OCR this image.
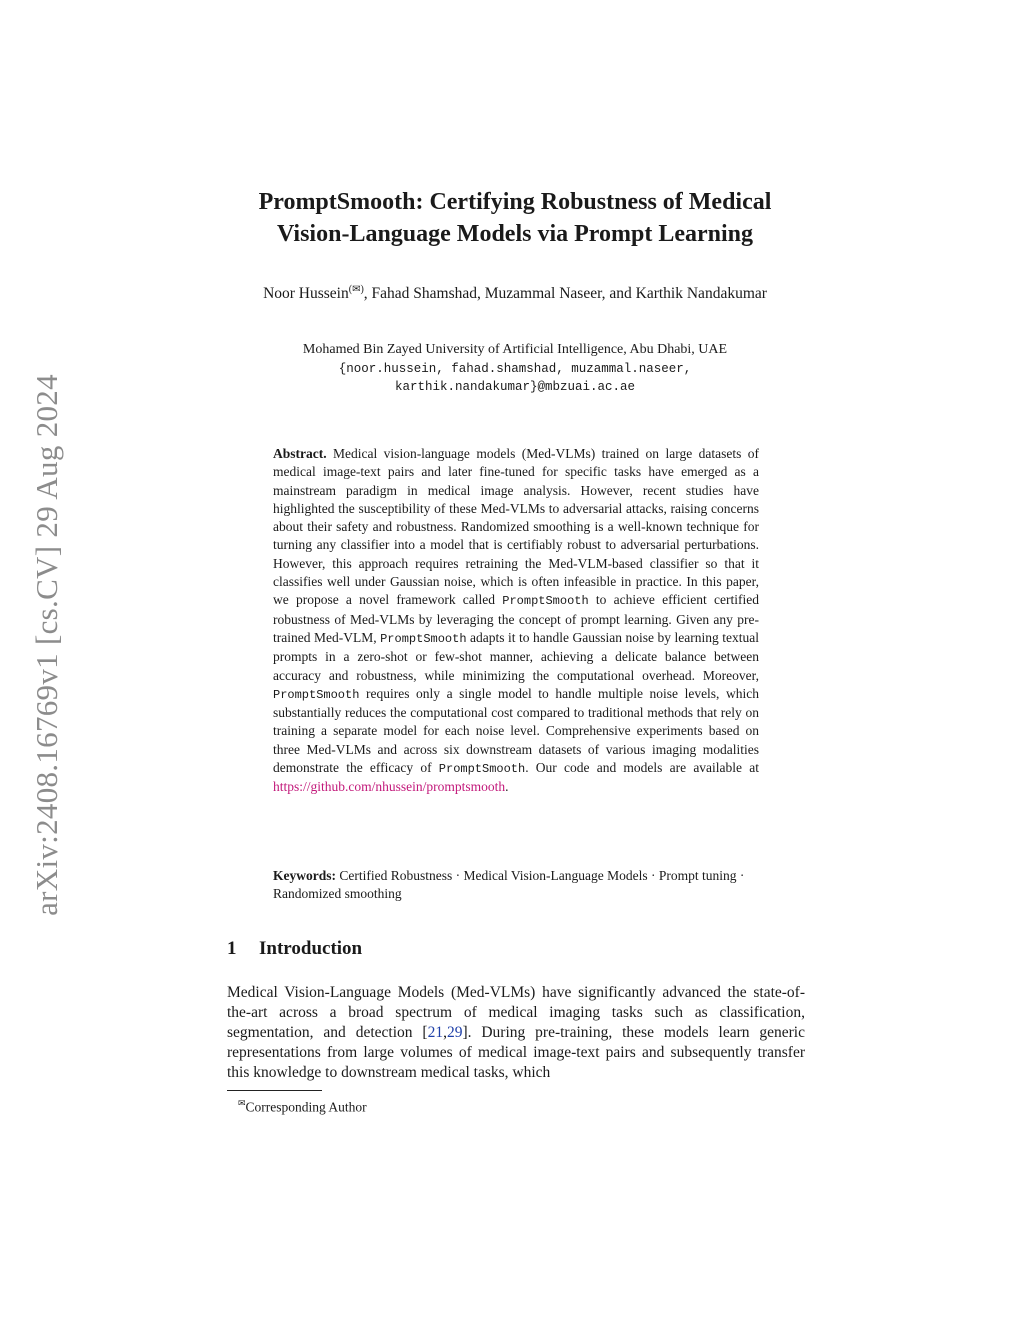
arXiv:2408.16769v1 [cs.CV] 29 Aug 2024
PromptSmooth: Certifying Robustness of Medical
Vision-Language Models via Prompt Learning
Noor Hussein(✉), Fahad Shamshad, Muzammal Naseer, and Karthik Nandakumar
Mohamed Bin Zayed University of Artificial Intelligence, Abu Dhabi, UAE
{noor.hussein, fahad.shamshad, muzammal.naseer,
karthik.nandakumar}@mbzuai.ac.ae
Abstract. Medical vision-language models (Med-VLMs) trained on large datasets of medical image-text pairs and later fine-tuned for specific tasks have emerged as a mainstream paradigm in medical image analysis. However, recent studies have highlighted the susceptibility of these Med-VLMs to adversarial attacks, raising concerns about their safety and robustness. Randomized smoothing is a well-known technique for turning any classifier into a model that is certifiably robust to adversarial perturbations. However, this approach requires retraining the Med-VLM-based classifier so that it classifies well under Gaussian noise, which is often infeasible in practice. In this paper, we propose a novel framework called PromptSmooth to achieve efficient certified robustness of Med-VLMs by leveraging the concept of prompt learning. Given any pre-trained Med-VLM, PromptSmooth adapts it to handle Gaussian noise by learning textual prompts in a zero-shot or few-shot manner, achieving a delicate balance between accuracy and robustness, while minimizing the computational overhead. Moreover, PromptSmooth requires only a single model to handle multiple noise levels, which substantially reduces the computational cost compared to traditional methods that rely on training a separate model for each noise level. Comprehensive experiments based on three Med-VLMs and across six downstream datasets of various imaging modalities demonstrate the efficacy of PromptSmooth. Our code and models are available at https://github.com/nhussein/promptsmooth.
Keywords: Certified Robustness · Medical Vision-Language Models · Prompt tuning · Randomized smoothing
1 Introduction
Medical Vision-Language Models (Med-VLMs) have significantly advanced the state-of-the-art across a broad spectrum of medical imaging tasks such as classification, segmentation, and detection [21,29]. During pre-training, these models learn generic representations from large volumes of medical image-text pairs and subsequently transfer this knowledge to downstream medical tasks, which
✉Corresponding Author
